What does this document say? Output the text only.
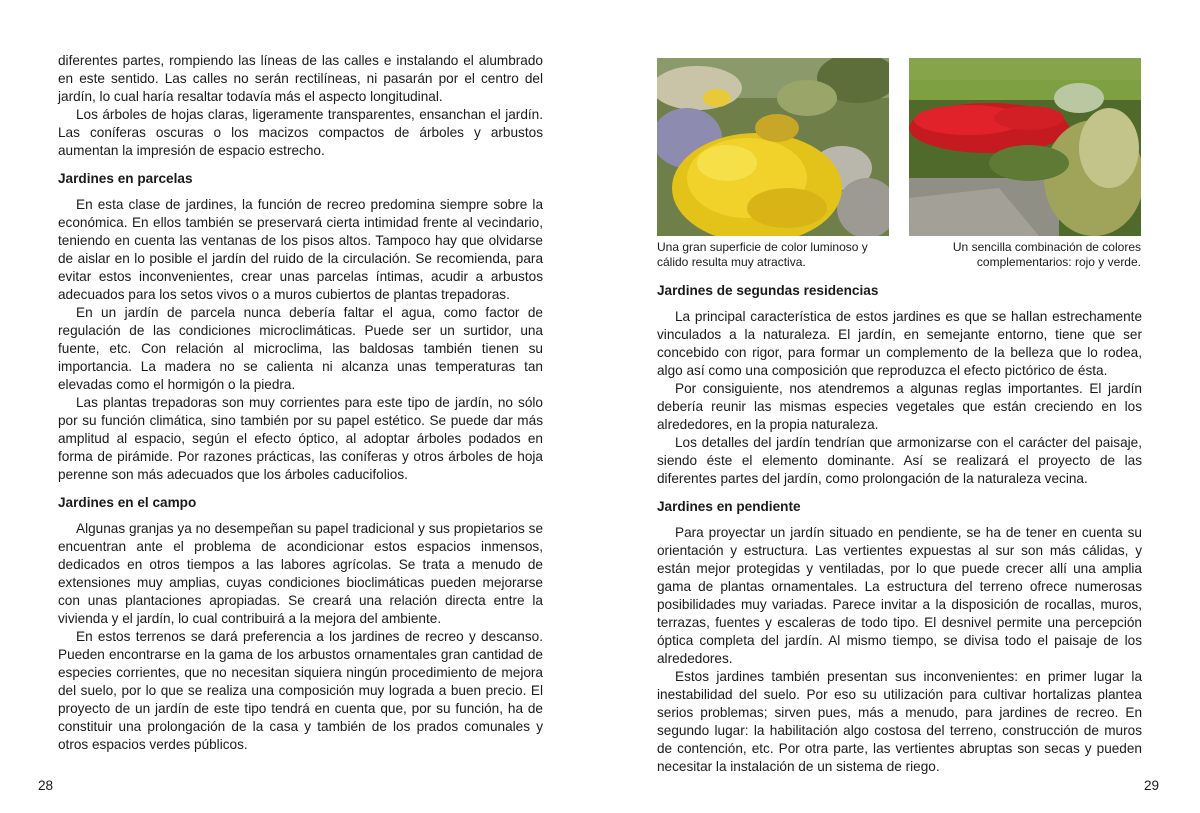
diferentes partes, rompiendo las líneas de las calles e instalando el alumbrado en este sentido. Las calles no serán rectilíneas, ni pasarán por el centro del jardín, lo cual haría resaltar todavía más el aspecto longitudinal.

Los árboles de hojas claras, ligeramente transparentes, ensanchan el jardín. Las coníferas oscuras o los macizos compactos de árboles y arbustos aumentan la impresión de espacio estrecho.

Jardines en parcelas

En esta clase de jardines, la función de recreo predomina siempre sobre la económica. En ellos también se preservará cierta intimidad frente al vecindario, teniendo en cuenta las ventanas de los pisos altos. Tampoco hay que olvidarse de aislar en lo posible el jardín del ruido de la circulación. Se recomienda, para evitar estos inconvenientes, crear unas parcelas íntimas, acudir a arbustos adecuados para los setos vivos o a muros cubiertos de plantas trepadoras.

En un jardín de parcela nunca debería faltar el agua, como factor de regulación de las condiciones microclimáticas. Puede ser un surtidor, una fuente, etc. Con relación al microclima, las baldosas también tienen su importancia. La madera no se calienta ni alcanza unas temperaturas tan elevadas como el hormigón o la piedra.

Las plantas trepadoras son muy corrientes para este tipo de jardín, no sólo por su función climática, sino también por su papel estético. Se puede dar más amplitud al espacio, según el efecto óptico, al adoptar árboles podados en forma de pirámide. Por razones prácticas, las coníferas y otros árboles de hoja perenne son más adecuados que los árboles caducifolios.

Jardines en el campo

Algunas granjas ya no desempeñan su papel tradicional y sus propietarios se encuentran ante el problema de acondicionar estos espacios inmensos, dedicados en otros tiempos a las labores agrícolas. Se trata a menudo de extensiones muy amplias, cuyas condiciones bioclimáticas pueden mejorarse con unas plantaciones apropiadas. Se creará una relación directa entre la vivienda y el jardín, lo cual contribuirá a la mejora del ambiente.

En estos terrenos se dará preferencia a los jardines de recreo y descanso. Pueden encontrarse en la gama de los arbustos ornamentales gran cantidad de especies corrientes, que no necesitan siquiera ningún procedimiento de mejora del suelo, por lo que se realiza una composición muy lograda a buen precio. El proyecto de un jardín de este tipo tendrá en cuenta que, por su función, ha de constituir una prolongación de la casa y también de los prados comunales y otros espacios verdes públicos.

28
Una gran superficie de color luminoso y cálido resulta muy atractiva.
Un sencilla combinación de colores complementarios: rojo y verde.
Jardines de segundas residencias

La principal característica de estos jardines es que se hallan estrechamente vinculados a la naturaleza. El jardín, en semejante entorno, tiene que ser concebido con rigor, para formar un complemento de la belleza que lo rodea, algo así como una composición que reproduzca el efecto pictórico de ésta.

Por consiguiente, nos atendremos a algunas reglas importantes. El jardín debería reunir las mismas especies vegetales que están creciendo en los alrededores, en la propia naturaleza.

Los detalles del jardín tendrían que armonizarse con el carácter del paisaje, siendo éste el elemento dominante. Así se realizará el proyecto de las diferentes partes del jardín, como prolongación de la naturaleza vecina.

Jardines en pendiente

Para proyectar un jardín situado en pendiente, se ha de tener en cuenta su orientación y estructura. Las vertientes expuestas al sur son más cálidas, y están mejor protegidas y ventiladas, por lo que puede crecer allí una amplia gama de plantas ornamentales. La estructura del terreno ofrece numerosas posibilidades muy variadas. Parece invitar a la disposición de rocallas, muros, terrazas, fuentes y escaleras de todo tipo. El desnivel permite una percepción óptica completa del jardín. Al mismo tiempo, se divisa todo el paisaje de los alrededores.

Estos jardines también presentan sus inconvenientes: en primer lugar la inestabilidad del suelo. Por eso su utilización para cultivar hortalizas plantea serios problemas; sirven pues, más a menudo, para jardines de recreo. En segundo lugar: la habilitación algo costosa del terreno, construcción de muros de contención, etc. Por otra parte, las vertientes abruptas son secas y pueden necesitar la instalación de un sistema de riego.

29
